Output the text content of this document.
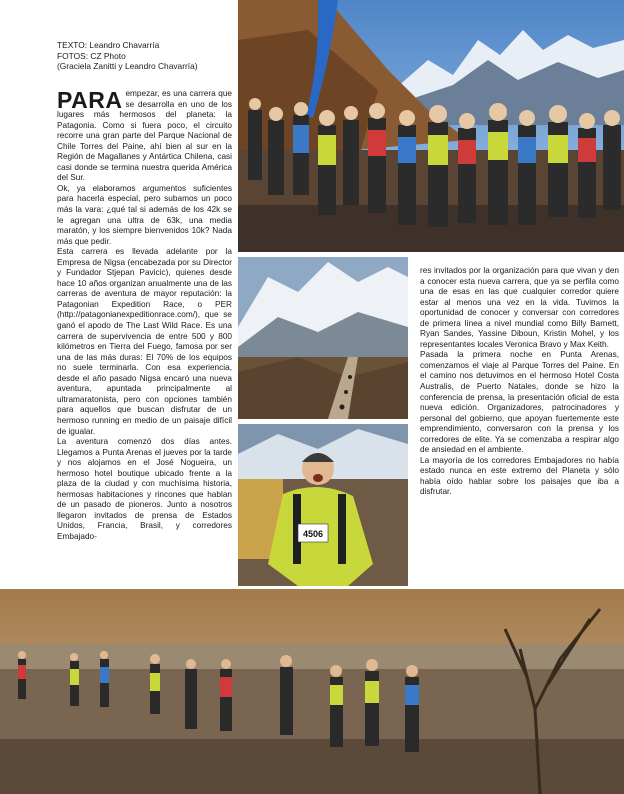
TEXTO: Leandro Chavarría
FOTOS: CZ Photo
(Graciela Zanitti y Leandro Chavarría)

PARA empezar, es una carrera que se desarrolla en uno de los lugares más hermosos del planeta: la Patagonia. Como si fuera poco, el circuito recorre una gran parte del Parque Nacional de Chile Torres del Paine, ahí bien al sur en la Región de Magallanes y Antártica Chilena, casi casi donde se termina nuestra querida América del Sur.

Ok, ya elaboramos argumentos suficientes para hacerla especial, pero subamos un poco más la vara: ¿qué tal si además de los 42k se le agregan una ultra de 63k, una media maratón, y los siempre bienvenidos 10k? Nada más que pedir.

Esta carrera es llevada adelante por la Empresa de Nigsa (encabezada por su Director y Fundador Stjepan Pavicic), quienes desde hace 10 años organizan anualmente una de las carreras de aventura de mayor reputación: la Patagonian Expedition Race, o PER (http://patagonianexpeditionrace.com/), que se ganó el apodo de The Last Wild Race. Es una carrera de supervivencia de entre 500 y 800 kilómetros en Tierra del Fuego, famosa por ser una de las más duras: El 70% de los equipos no suele terminarla. Con esa experiencia, desde el año pasado Nigsa encaró una nueva aventura, apuntada principalmente al ultramaratonista, pero con opciones también para aquellos que buscan disfrutar de un hermoso running en medio de un paisaje difícil de igualar.

La aventura comenzó dos días antes. Llegamos a Punta Arenas el jueves por la tarde y nos alojamos en el José Nogueira, un hermoso hotel boutique ubicado frente a la plaza de la ciudad y con muchísima historia, hermosas habitaciones y rincones que hablan de un pasado de pioneros. Junto a nosotros llegaron invitados de prensa de Estados Unidos, Francia, Brasil, y corredores Embajado-

res invitados por la organización para que vivan y den a conocer esta nueva carrera, que ya se perfila como una de esas en las que cualquier corredor quiere estar al menos una vez en la vida. Tuvimos la oportunidad de conocer y conversar con corredores de primera línea a nivel mundial como Billy Barnett, Ryan Sandes, Yassine Diboun, Kristin Mohel, y los representantes locales Veronica Bravo y Max Keith.

Pasada la primera noche en Punta Arenas, comenzamos el viaje al Parque Torres del Paine. En el camino nos detuvimos en el hermoso Hotel Costa Australis, de Puerto Natales, donde se hizo la conferencia de prensa, la presentación oficial de esta nueva edición. Organizadores, patrocinadores y personal del gobierno, que apoyan fuertemente este emprendimiento, conversaron con la prensa y los corredores de elite. Ya se comenzaba a respirar algo de ansiedad en el ambiente.

La mayoría de los corredores Embajadores no había estado nunca en este extremo del Planeta y sólo había oído hablar sobre los paisajes que iba a disfrutar.

4506
